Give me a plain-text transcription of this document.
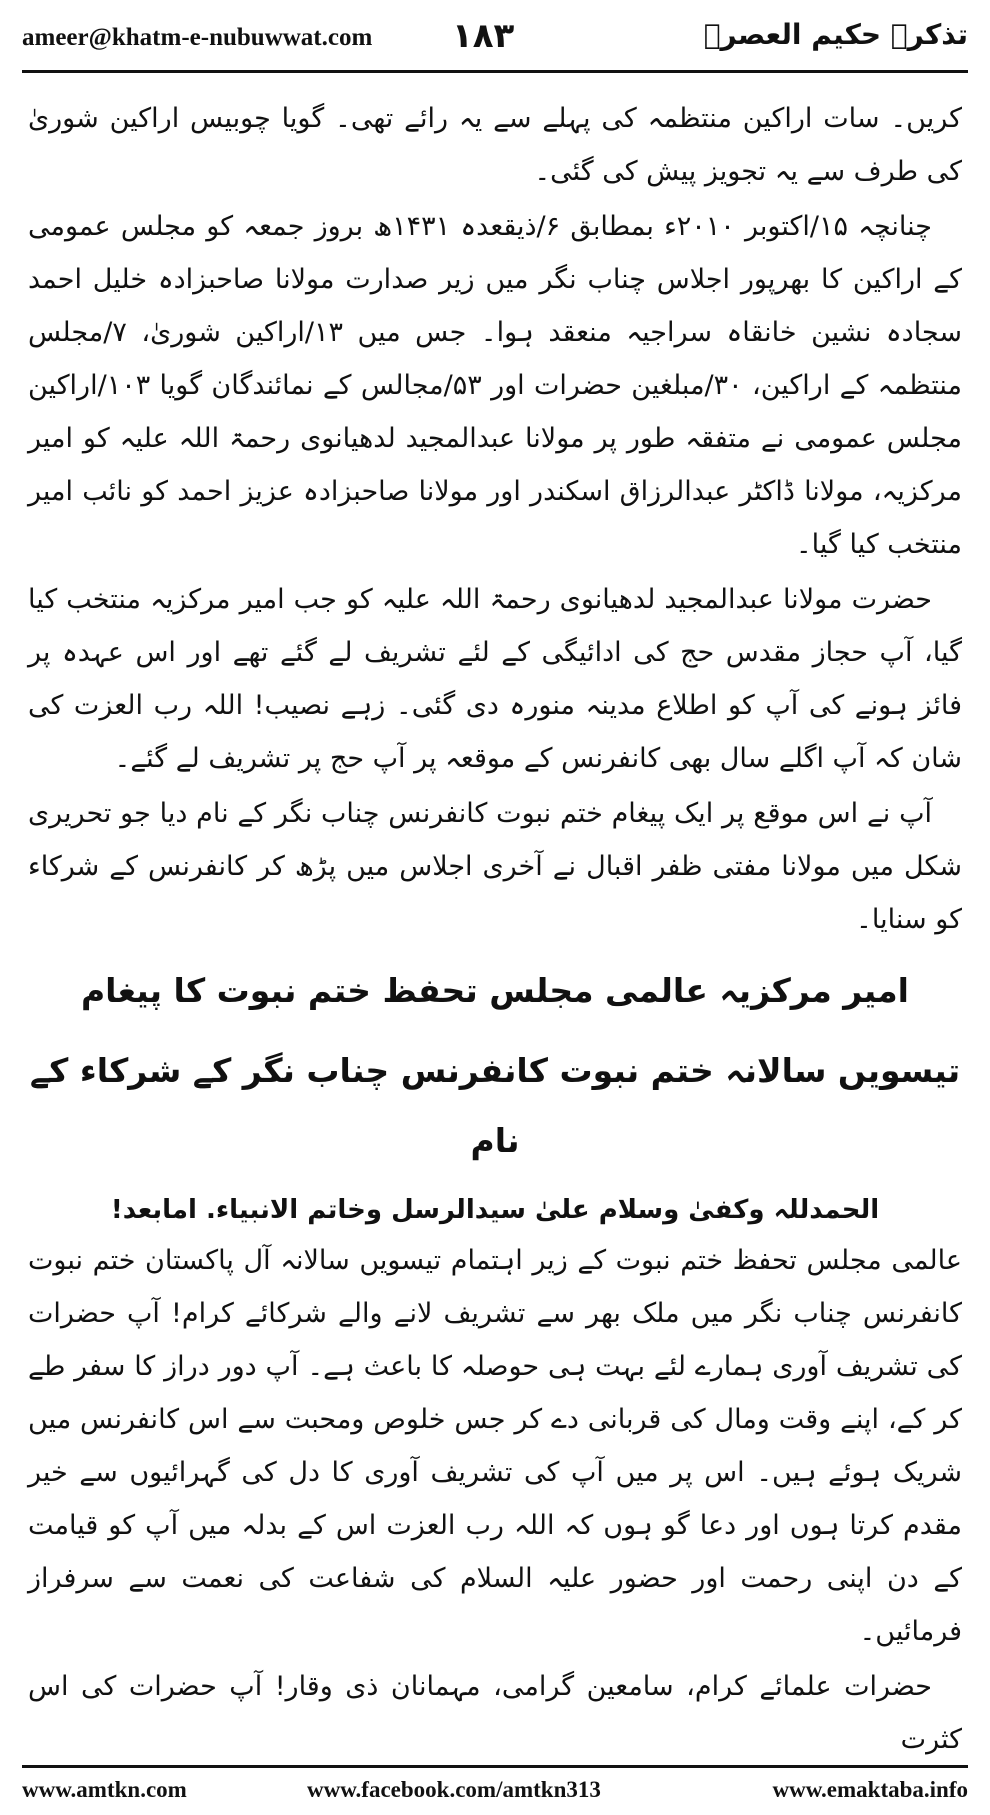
ameer@khatm-e-nubuwwat.com ۱۸۳	تذکرہ حکیم العصرؒ

کریں۔ سات اراکین منتظمہ کی پہلے سے یہ رائے تھی۔ گویا چوبیس اراکین شوریٰ کی طرف سے یہ تجویز پیش کی گئی۔

چنانچہ ۱۵/اکتوبر ۲۰۱۰ء بمطابق ۶/ذیقعدہ ۱۴۳۱ھ بروز جمعہ کو مجلس عمومی کے اراکین کا بھرپور اجلاس چناب نگر میں زیر صدارت مولانا صاحبزادہ خلیل احمد سجادہ نشین خانقاہ سراجیہ منعقد ہوا۔ جس میں ۱۳/اراکین شوریٰ، ۷/مجلس منتظمہ کے اراکین، ۳۰/مبلغین حضرات اور ۵۳/مجالس کے نمائندگان گویا ۱۰۳/اراکین مجلس عمومی نے متفقہ طور پر مولانا عبدالمجید لدھیانوی رحمۃ اللہ علیہ کو امیر مرکزیہ، مولانا ڈاکٹر عبدالرزاق اسکندر اور مولانا صاحبزادہ عزیز احمد کو نائب امیر منتخب کیا گیا۔

حضرت مولانا عبدالمجید لدھیانوی رحمۃ اللہ علیہ کو جب امیر مرکزیہ منتخب کیا گیا، آپ حجاز مقدس حج کی ادائیگی کے لئے تشریف لے گئے تھے اور اس عہدہ پر فائز ہونے کی آپ کو اطلاع مدینہ منورہ دی گئی۔ زہے نصیب! اللہ رب العزت کی شان کہ آپ اگلے سال بھی کانفرنس کے موقعہ پر آپ حج پر تشریف لے گئے۔

آپ نے اس موقع پر ایک پیغام ختم نبوت کانفرنس چناب نگر کے نام دیا جو تحریری شکل میں مولانا مفتی ظفر اقبال نے آخری اجلاس میں پڑھ کر کانفرنس کے شرکاء کو سنایا۔

امیر مرکزیہ عالمی مجلس تحفظ ختم نبوت کا پیغام

تیسویں سالانہ ختم نبوت کانفرنس چناب نگر کے شرکاء کے نام

الحمدللہ وکفیٰ وسلام علیٰ سیدالرسل وخاتم الانبیاء. امابعد!

عالمی مجلس تحفظ ختم نبوت کے زیر اہتمام تیسویں سالانہ آل پاکستان ختم نبوت کانفرنس چناب نگر میں ملک بھر سے تشریف لانے والے شرکائے کرام! آپ حضرات کی تشریف آوری ہمارے لئے بہت ہی حوصلہ کا باعث ہے۔ آپ دور دراز کا سفر طے کر کے، اپنے وقت ومال کی قربانی دے کر جس خلوص ومحبت سے اس کانفرنس میں شریک ہوئے ہیں۔ اس پر میں آپ کی تشریف آوری کا دل کی گہرائیوں سے خیر مقدم کرتا ہوں اور دعا گو ہوں کہ اللہ رب العزت اس کے بدلہ میں آپ کو قیامت کے دن اپنی رحمت اور حضور علیہ السلام کی شفاعت کی نعمت سے سرفراز فرمائیں۔

حضرات علمائے کرام، سامعین گرامی، مہمانان ذی وقار! آپ حضرات کی اس کثرت

www.amtkn.com	www.facebook.com/amtkn313	www.emaktaba.info
